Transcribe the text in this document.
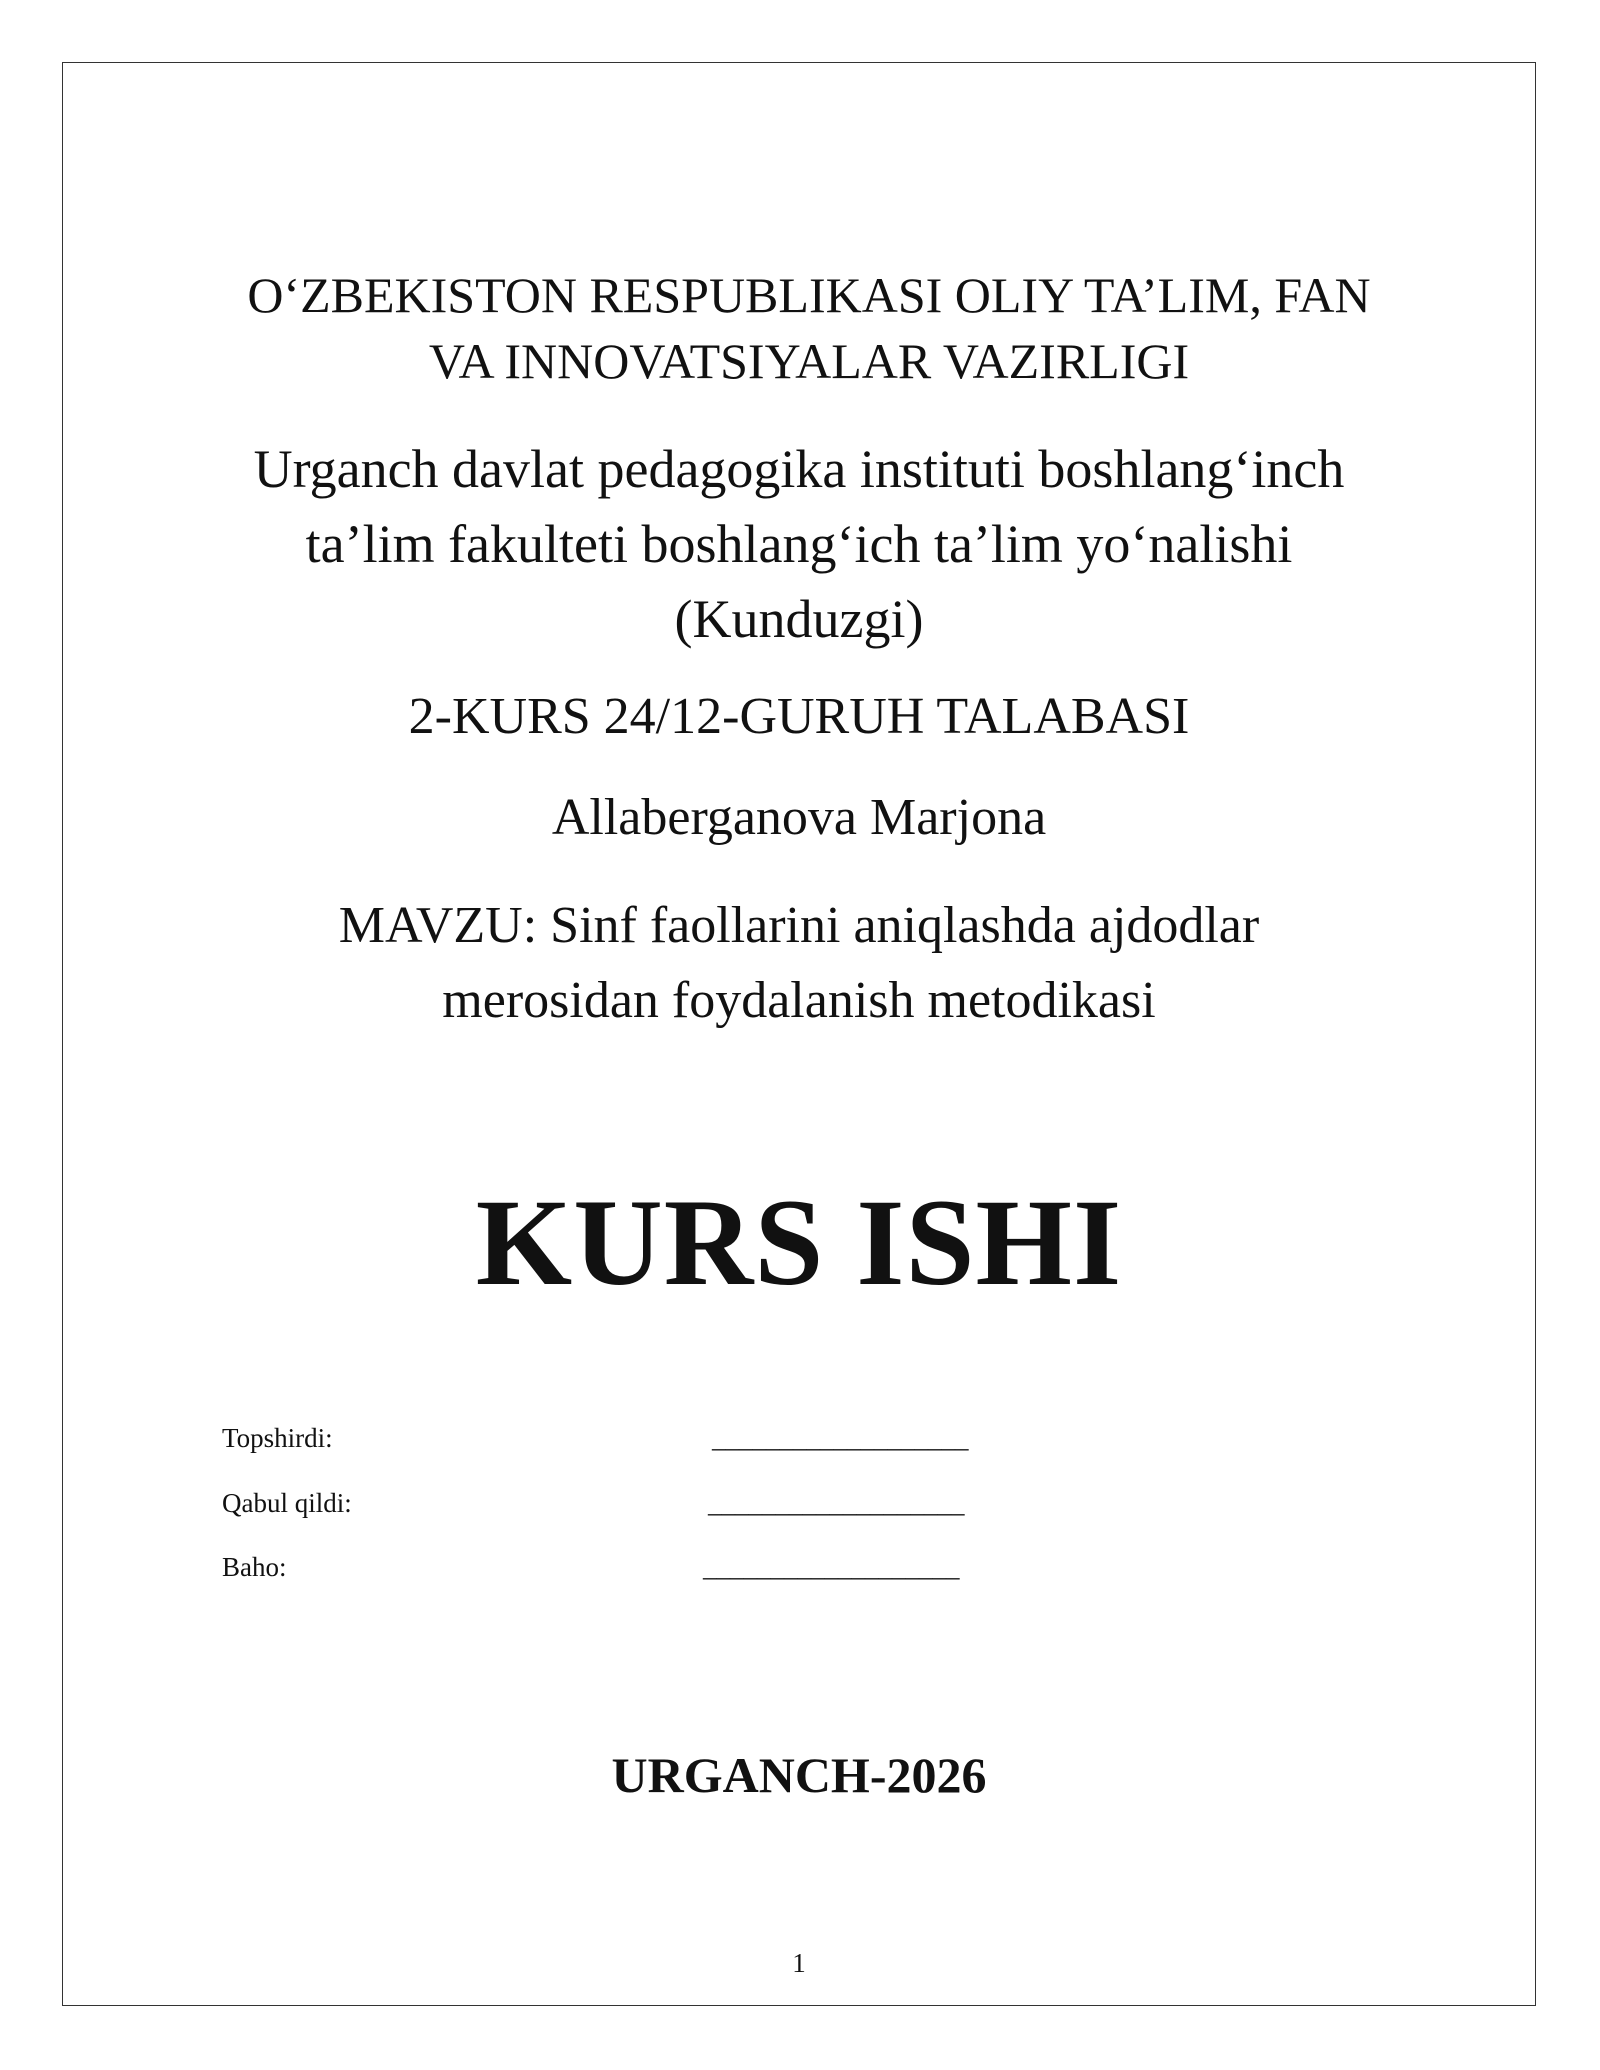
O‘ZBEKISTON RESPUBLIKASI OLIY TA’LIM, FAN
VA INNOVATSIYALAR VAZIRLIGI
Urganch davlat pedagogika instituti boshlang‘inch
ta’lim fakulteti boshlang‘ich ta’lim yo‘nalishi
(Kunduzgi)
2-KURS 24/12-GURUH TALABASI
Allaberganova Marjona
MAVZU: Sinf faollarini aniqlashda ajdodlar
merosidan foydalanish metodikasi
KURS ISHI
Topshirdi:	___________________
Qabul qildi:	___________________
Baho:	___________________
URGANCH-2026
1
